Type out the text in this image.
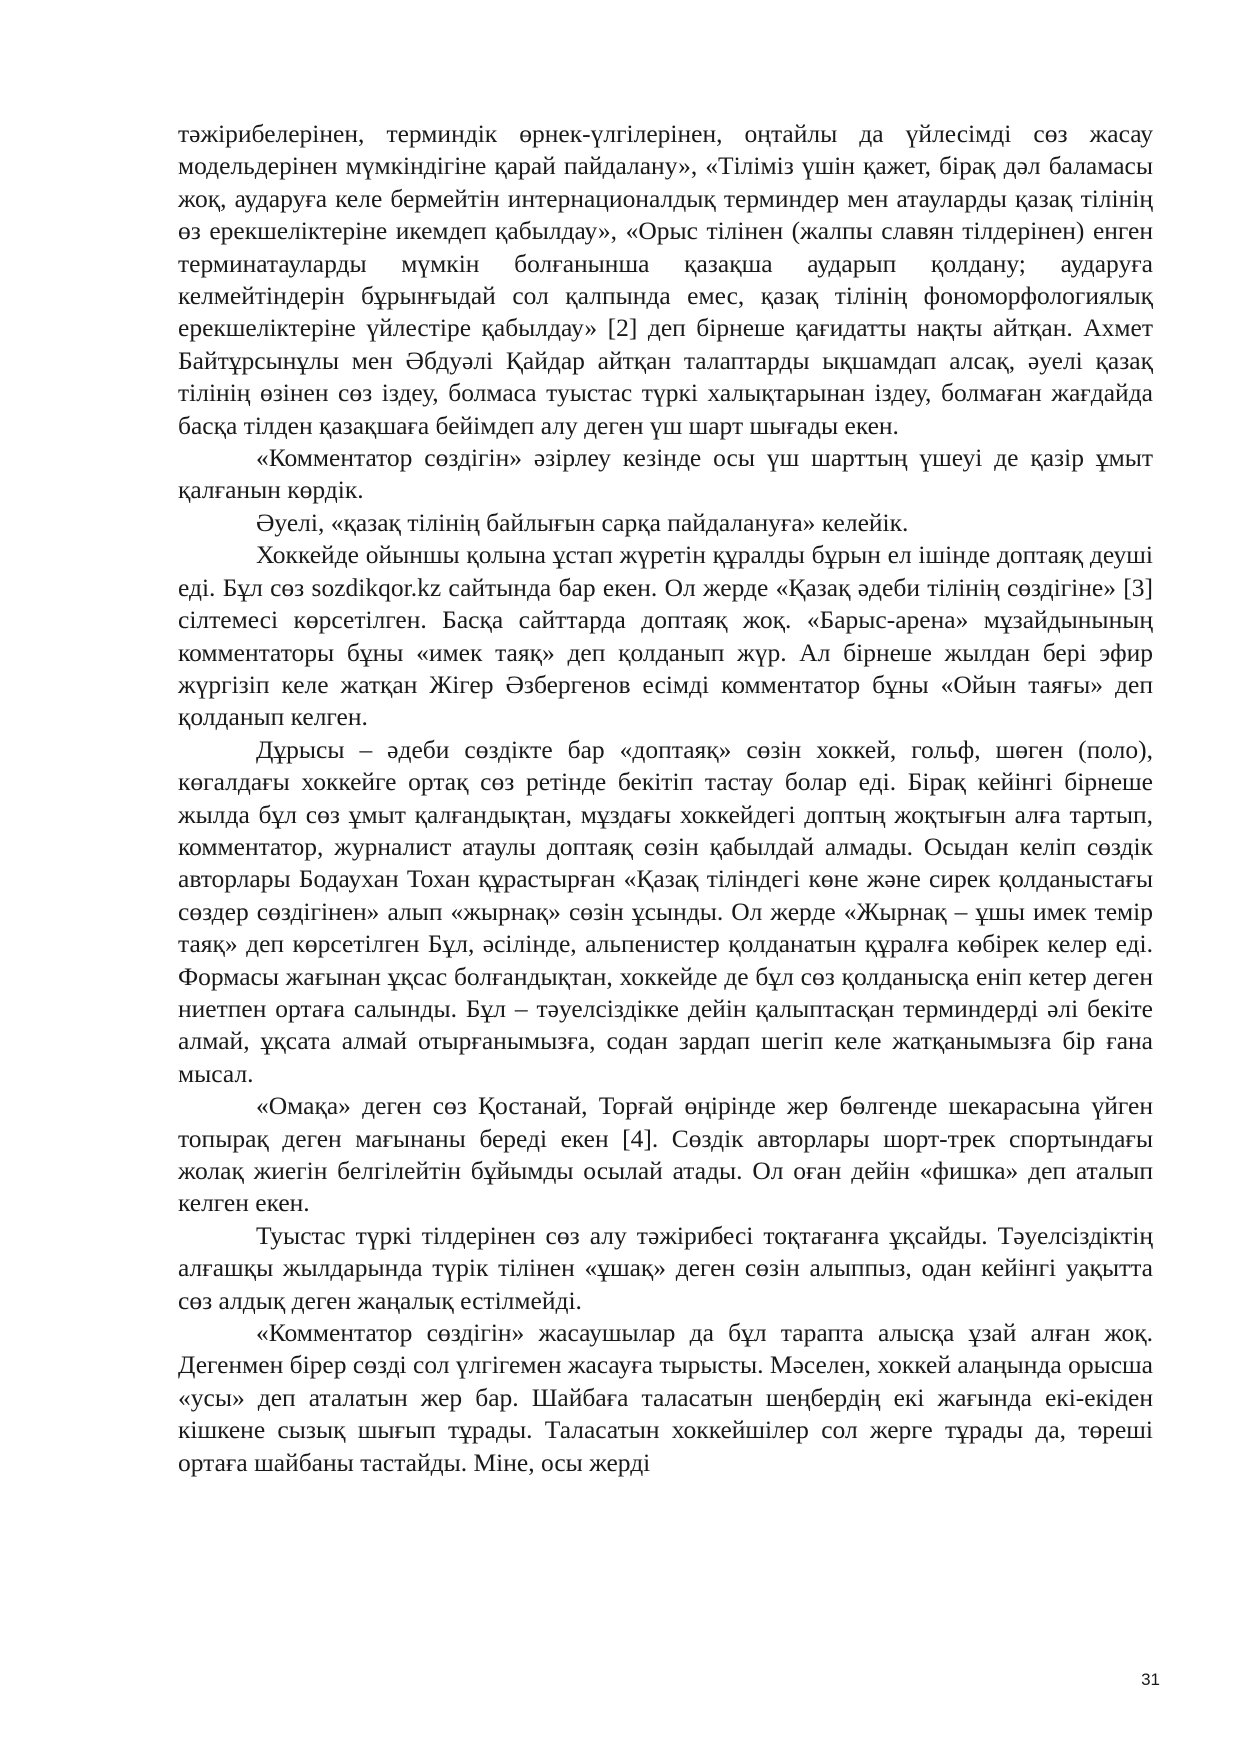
тәжірибелерінен, терминдік өрнек-үлгілерінен, оңтайлы да үйлесімді сөз жасау модельдерінен мүмкіндігіне қарай пайдалану», «Тіліміз үшін қажет, бірақ дәл баламасы жоқ, аударуға келе бермейтін интернационалдық терминдер мен атауларды қазақ тілінің өз ерекшеліктеріне икемдеп қабылдау», «Орыс тілінен (жалпы славян тілдерінен) енген терминатауларды мүмкін болғанынша қазақша аударып қолдану; аударуға келмейтіндерін бұрынғыдай сол қалпында емес, қазақ тілінің фономорфологиялық ерекшеліктеріне үйлестіре қабылдау» [2] деп бірнеше қағидатты нақты айтқан. Ахмет Байтұрсынұлы мен Әбдуәлі Қайдар айтқан талаптарды ықшамдап алсақ, әуелі қазақ тілінің өзінен сөз іздеу, болмаса туыстас түркі халықтарынан іздеу, болмаған жағдайда басқа тілден қазақшаға бейімдеп алу деген үш шарт шығады екен.

«Комментатор сөздігін» әзірлеу кезінде осы үш шарттың үшеуі де қазір ұмыт қалғанын көрдік.

Әуелі, «қазақ тілінің байлығын сарқа пайдалануға» келейік.

Хоккейде ойыншы қолына ұстап жүретін құралды бұрын ел ішінде доптаяқ деуші еді. Бұл сөз sozdikqor.kz сайтында бар екен. Ол жерде «Қазақ әдеби тілінің сөздігіне» [3] сілтемесі көрсетілген. Басқа сайттарда доптаяқ жоқ. «Барыс-арена» мұзайдынының комментаторы бұны «имек таяқ» деп қолданып жүр. Ал бірнеше жылдан бері эфир жүргізіп келе жатқан Жігер Әзбергенов есімді комментатор бұны «Ойын таяғы» деп қолданып келген.

Дұрысы – әдеби сөздікте бар «доптаяқ» сөзін хоккей, гольф, шөген (поло), көгалдағы хоккейге ортақ сөз ретінде бекітіп тастау болар еді. Бірақ кейінгі бірнеше жылда бұл сөз ұмыт қалғандықтан, мұздағы хоккейдегі доптың жоқтығын алға тартып, комментатор, журналист атаулы доптаяқ сөзін қабылдай алмады. Осыдан келіп сөздік авторлары Бодаухан Тохан құрастырған «Қазақ тіліндегі көне және сирек қолданыстағы сөздер сөздігінен» алып «жырнақ» сөзін ұсынды. Ол жерде «Жырнақ – ұшы имек темір таяқ» деп көрсетілген Бұл, әсілінде, альпенистер қолданатын құралға көбірек келер еді. Формасы жағынан ұқсас болғандықтан, хоккейде де бұл сөз қолданысқа еніп кетер деген ниетпен ортаға салынды. Бұл – тәуелсіздікке дейін қалыптасқан терминдерді әлі бекіте алмай, ұқсата алмай отырғанымызға, содан зардап шегіп келе жатқанымызға бір ғана мысал.

«Омақа» деген сөз Қостанай, Торғай өңірінде жер бөлгенде шекарасына үйген топырақ деген мағынаны береді екен [4]. Сөздік авторлары шорт-трек спортындағы жолақ жиегін белгілейтін бұйымды осылай атады. Ол оған дейін «фишка» деп аталып келген екен.

Туыстас түркі тілдерінен сөз алу тәжірибесі тоқтағанға ұқсайды. Тәуелсіздіктің алғашқы жылдарында түрік тілінен «ұшақ» деген сөзін алыппыз, одан кейінгі уақытта сөз алдық деген жаңалық естілмейді.

«Комментатор сөздігін» жасаушылар да бұл тарапта алысқа ұзай алған жоқ. Дегенмен бірер сөзді сол үлгігемен жасауға тырысты. Мәселен, хоккей алаңында орысша «усы» деп аталатын жер бар. Шайбаға таласатын шеңбердің екі жағында екі-екіден кішкене сызық шығып тұрады. Таласатын хоккейшілер сол жерге тұрады да, төреші ортаға шайбаны тастайды. Міне, осы жерді

31
